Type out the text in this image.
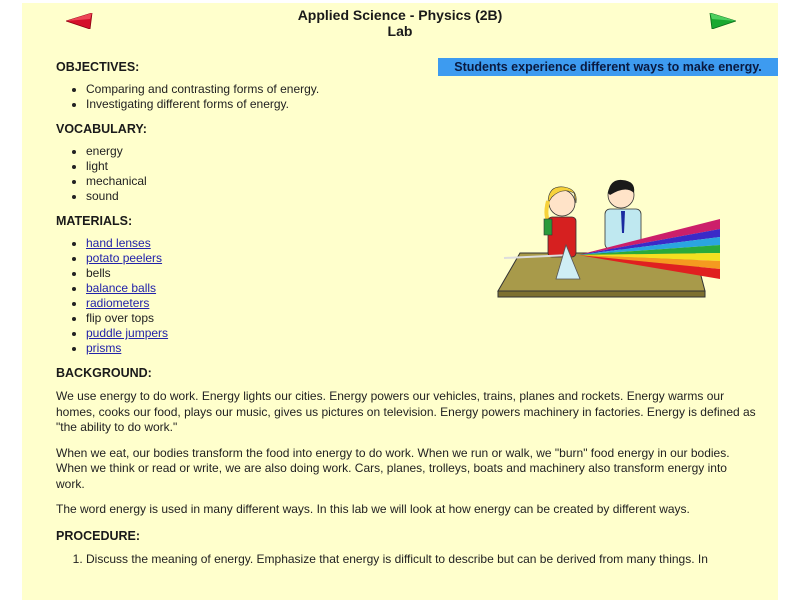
Applied Science - Physics (2B)
Lab
Students experience different ways to make energy.
OBJECTIVES:
• Comparing and contrasting forms of energy.
• Investigating different forms of energy.
VOCABULARY:
• energy
• light
• mechanical
• sound
MATERIALS:
• hand lenses
• potato peelers
• bells
• balance balls
• radiometers
• flip over tops
• puddle jumpers
• prisms
BACKGROUND:

We use energy to do work. Energy lights our cities. Energy powers our vehicles, trains, planes and rockets. Energy warms our homes, cooks our food, plays our music, gives us pictures on television. Energy powers machinery in factories. Energy is defined as "the ability to do work."

When we eat, our bodies transform the food into energy to do work. When we run or walk, we "burn" food energy in our bodies. When we think or read or write, we are also doing work. Cars, planes, trolleys, boats and machinery also transform energy into work.

The word energy is used in many different ways. In this lab we will look at how energy can be created by different ways.

PROCEDURE:
1. Discuss the meaning of energy. Emphasize that energy is difficult to describe but can be derived from many things. In
